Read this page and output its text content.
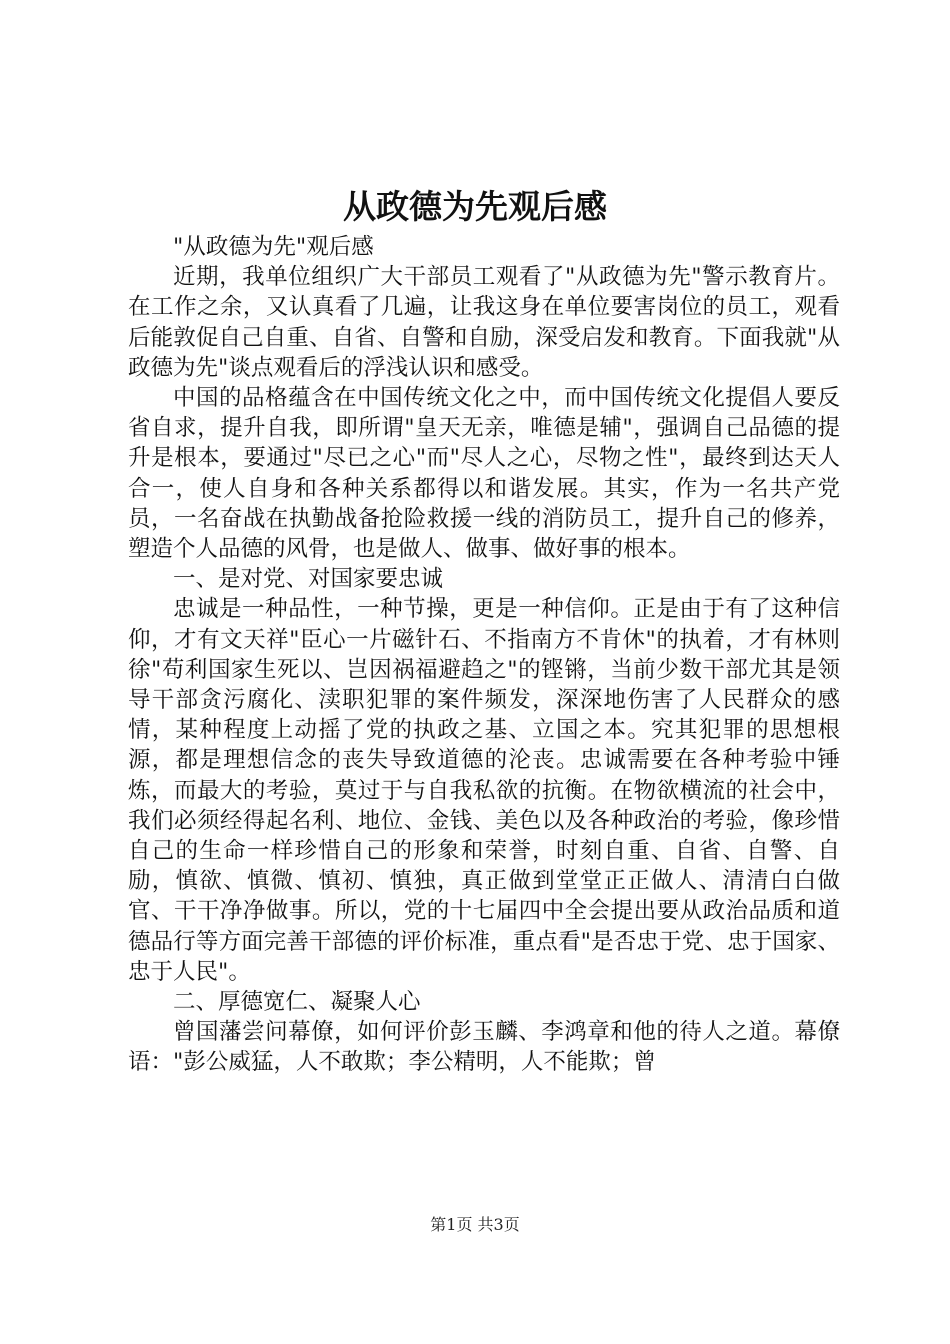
从政德为先观后感

"从政德为先"观后感

近期，我单位组织广大干部员工观看了"从政德为先"警示教育片。在工作之余，又认真看了几遍，让我这身在单位要害岗位的员工，观看后能敦促自己自重、自省、自警和自励，深受启发和教育。下面我就"从政德为先"谈点观看后的浮浅认识和感受。

中国的品格蕴含在中国传统文化之中，而中国传统文化提倡人要反省自求，提升自我，即所谓"皇天无亲，唯德是辅"，强调自己品德的提升是根本，要通过"尽已之心"而"尽人之心，尽物之性"，最终到达天人合一，使人自身和各种关系都得以和谐发展。其实，作为一名共产党员，一名奋战在执勤战备抢险救援一线的消防员工，提升自己的修养，塑造个人品德的风骨，也是做人、做事、做好事的根本。

一、是对党、对国家要忠诚

忠诚是一种品性，一种节操，更是一种信仰。正是由于有了这种信仰，才有文天祥"臣心一片磁针石、不指南方不肯休"的执着，才有林则徐"苟利国家生死以、岂因祸福避趋之"的铿锵，当前少数干部尤其是领导干部贪污腐化、渎职犯罪的案件频发，深深地伤害了人民群众的感情，某种程度上动摇了党的执政之基、立国之本。究其犯罪的思想根源，都是理想信念的丧失导致道德的沦丧。忠诚需要在各种考验中锤炼，而最大的考验，莫过于与自我私欲的抗衡。在物欲横流的社会中，我们必须经得起名利、地位、金钱、美色以及各种政治的考验，像珍惜自己的生命一样珍惜自己的形象和荣誉，时刻自重、自省、自警、自励，慎欲、慎微、慎初、慎独，真正做到堂堂正正做人、清清白白做官、干干净净做事。所以，党的十七届四中全会提出要从政治品质和道德品行等方面完善干部德的评价标准，重点看"是否忠于党、忠于国家、忠于人民"。

二、厚德宽仁、凝聚人心

曾国藩尝问幕僚，如何评价彭玉麟、李鸿章和他的待人之道。幕僚语："彭公威猛，人不敢欺；李公精明，人不能欺；曾

第1页 共3页
